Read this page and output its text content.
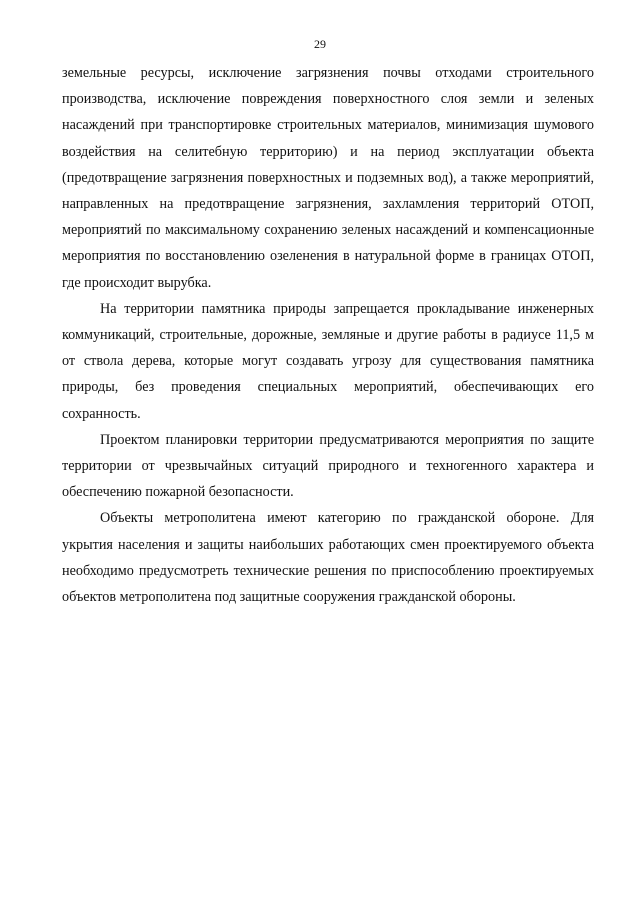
29

земельные ресурсы, исключение загрязнения почвы отходами строительного производства, исключение повреждения поверхностного слоя земли и зеленых насаждений при транспортировке строительных материалов, минимизация шумового воздействия на селитебную территорию) и на период эксплуатации объекта (предотвращение загрязнения поверхностных и подземных вод), а также мероприятий, направленных на предотвращение загрязнения, захламления территорий ОТОП, мероприятий по максимальному сохранению зеленых насаждений и компенсационные мероприятия по восстановлению озеленения в натуральной форме в границах ОТОП, где происходит вырубка.

На территории памятника природы запрещается прокладывание инженерных коммуникаций, строительные, дорожные, земляные и другие работы в радиусе 11,5 м от ствола дерева, которые могут создавать угрозу для существования памятника природы, без проведения специальных мероприятий, обеспечивающих его сохранность.

Проектом планировки территории предусматриваются мероприятия по защите территории от чрезвычайных ситуаций природного и техногенного характера и обеспечению пожарной безопасности.

Объекты метрополитена имеют категорию по гражданской обороне. Для укрытия населения и защиты наибольших работающих смен проектируемого объекта необходимо предусмотреть технические решения по приспособлению проектируемых объектов метрополитена под защитные сооружения гражданской обороны.
